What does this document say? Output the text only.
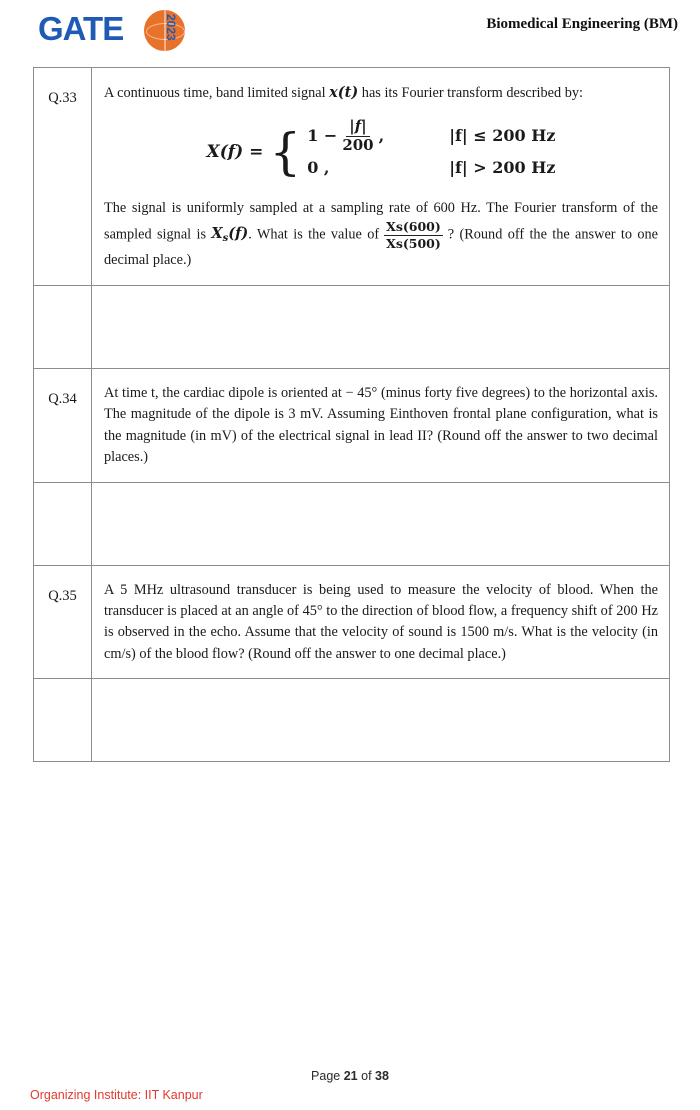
GATE	2023	Biomedical Engineering (BM)
Q.33	A continuous time, band limited signal x(t) has its Fourier transform described by:

X(f) = { $1 - \frac{|f|}{200}$ ,	|f| ≤ 200 Hz
0 ,	|f| > 200 Hz

The signal is uniformly sampled at a sampling rate of 600 Hz. The Fourier transform of the sampled signal is $X_s(f)$. What is the value of $\frac{Xs(600)}{Xs(500)}$ ? (Round off the the answer to one decimal place.)

Q.34	At time t, the cardiac dipole is oriented at − 45° (minus forty five degrees) to the horizontal axis. The magnitude of the dipole is 3 mV. Assuming Einthoven frontal plane configuration, what is the magnitude (in mV) of the electrical signal in lead II? (Round off the answer to two decimal places.)

Q.35	A 5 MHz ultrasound transducer is being used to measure the velocity of blood. When the transducer is placed at an angle of 45° to the direction of blood flow, a frequency shift of 200 Hz is observed in the echo. Assume that the velocity of sound is 1500 m/s. What is the velocity (in cm/s) of the blood flow? (Round off the answer to one decimal place.)

Page 21 of 38
Organizing Institute: IIT Kanpur
